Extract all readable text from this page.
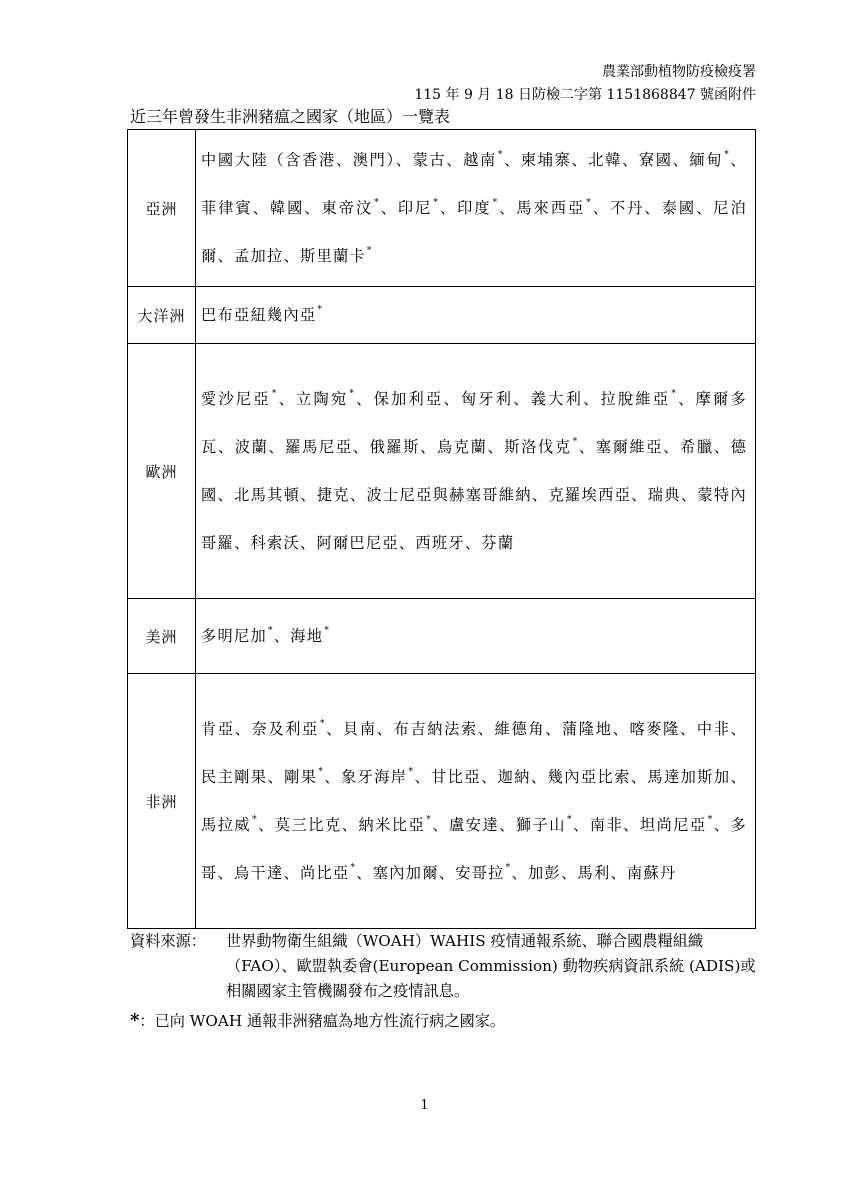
農業部動植物防疫檢疫署
115 年 9 月 18 日防檢二字第 1151868847 號函附件
近三年曾發生非洲豬瘟之國家（地區）一覽表
亞洲	中國大陸（含香港、澳門）、蒙古、越南*、柬埔寨、北韓、寮國、緬甸*、菲律賓、韓國、東帝汶*、印尼*、印度*、馬來西亞*、不丹、泰國、尼泊爾、孟加拉、斯里蘭卡*
大洋洲	巴布亞紐幾內亞*
歐洲	愛沙尼亞*、立陶宛*、保加利亞、匈牙利、義大利、拉脫維亞*、摩爾多瓦、波蘭、羅馬尼亞、俄羅斯、烏克蘭、斯洛伐克*、塞爾維亞、希臘、德國、北馬其頓、捷克、波士尼亞與赫塞哥維納、克羅埃西亞、瑞典、蒙特內哥羅、科索沃、阿爾巴尼亞、西班牙、芬蘭
美洲	多明尼加*、海地*
非洲	肯亞、奈及利亞*、貝南、布吉納法索、維德角、蒲隆地、喀麥隆、中非、民主剛果、剛果*、象牙海岸*、甘比亞、迦納、幾內亞比索、馬達加斯加、馬拉威*、莫三比克、納米比亞*、盧安達、獅子山*、南非、坦尚尼亞*、多哥、烏干達、尚比亞*、塞內加爾、安哥拉*、加彭、馬利、南蘇丹
資料來源： 世界動物衛生組織（WOAH）WAHIS 疫情通報系統、聯合國農糧組織（FAO）、歐盟執委會(European Commission) 動物疾病資訊系統 (ADIS)或相關國家主管機關發布之疫情訊息。
*：已向 WOAH 通報非洲豬瘟為地方性流行病之國家。
1
